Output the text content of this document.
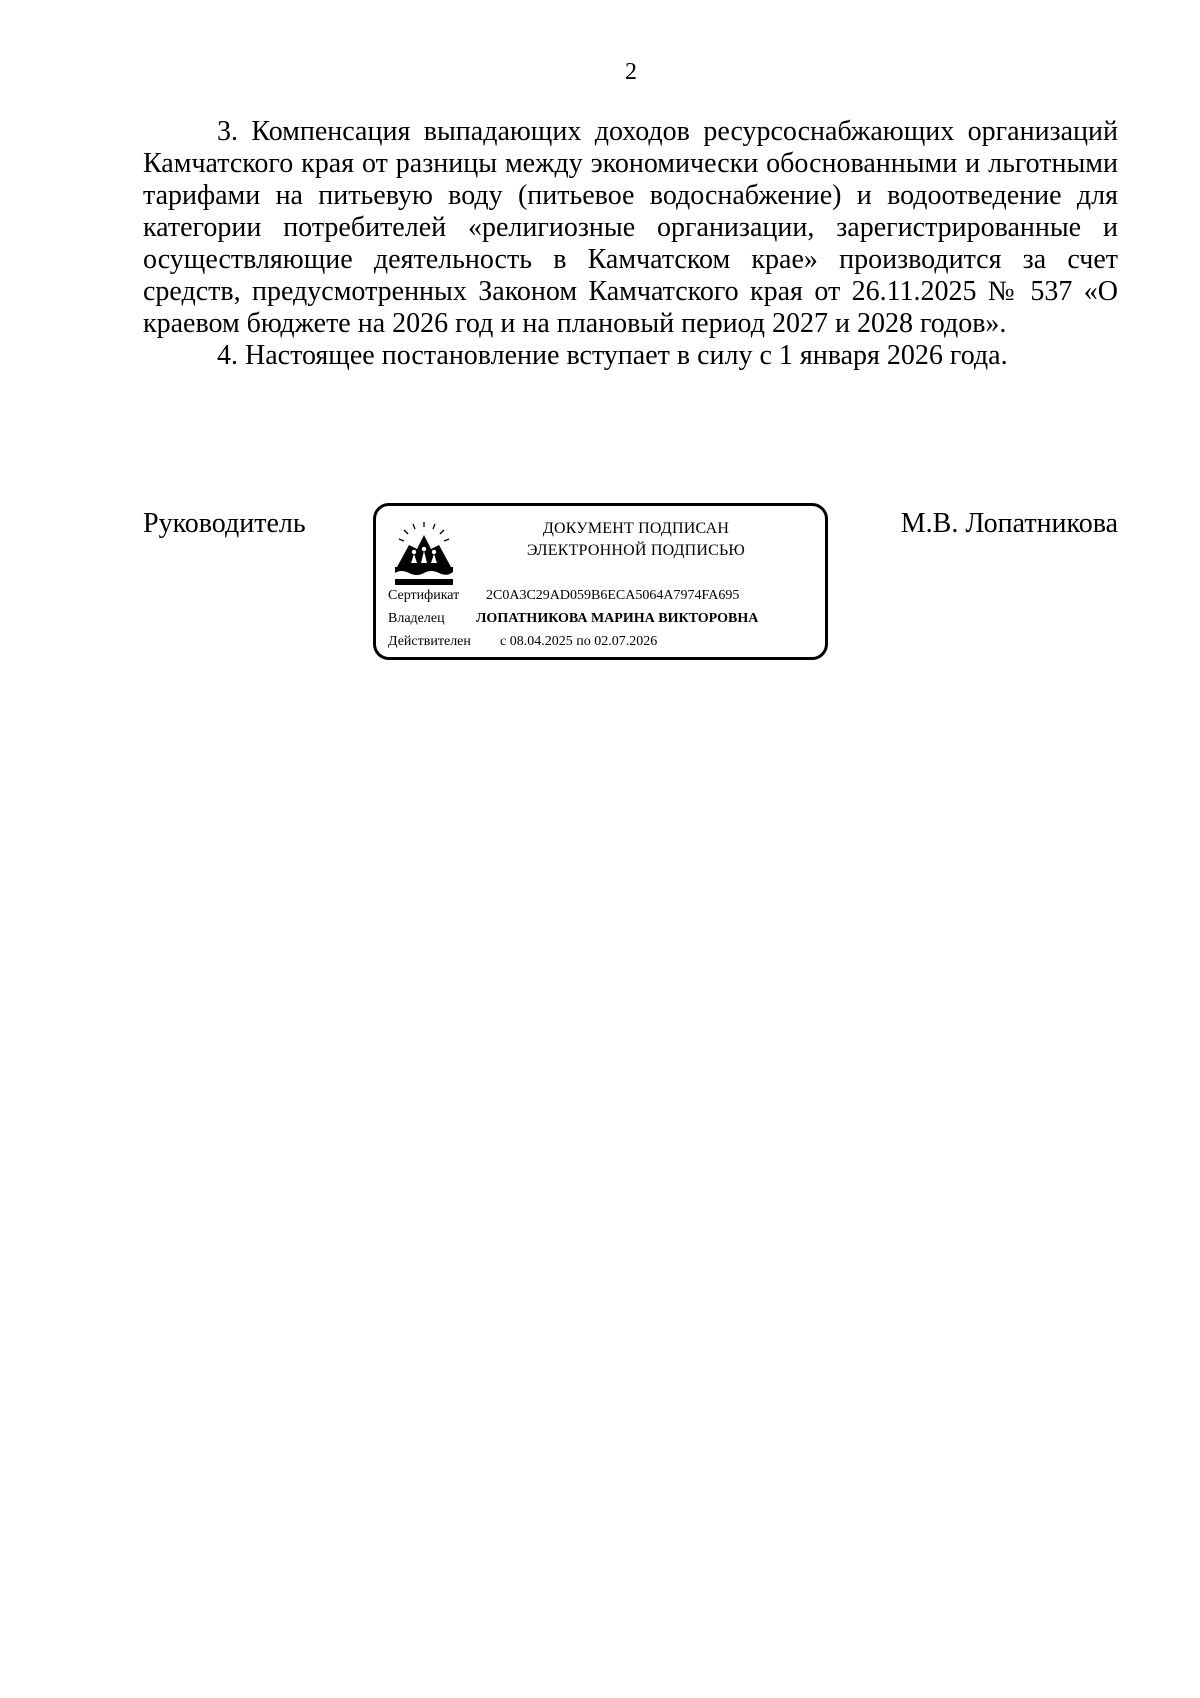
2

3. Компенсация выпадающих доходов ресурсоснабжающих организаций Камчатского края от разницы между экономически обоснованными и льготными тарифами на питьевую воду (питьевое водоснабжение) и водоотведение для категории потребителей «религиозные организации, зарегистрированные и осуществляющие деятельность в Камчатском крае» производится за счет средств, предусмотренных Законом Камчатского края от 26.11.2025 № 537 «О краевом бюджете на 2026 год и на плановый период 2027 и 2028 годов».

4. Настоящее постановление вступает в силу с 1 января 2026 года.

Руководитель	ДОКУМЕНТ ПОДПИСАН
ЭЛЕКТРОННОЙ ПОДПИСЬЮ
Сертификат 2C0A3C29AD059B6ECA5064A7974FA695
Владелец ЛОПАТНИКОВА МАРИНА ВИКТОРОВНА
Действителен с 08.04.2025 по 02.07.2026
М.В. Лопатникова
